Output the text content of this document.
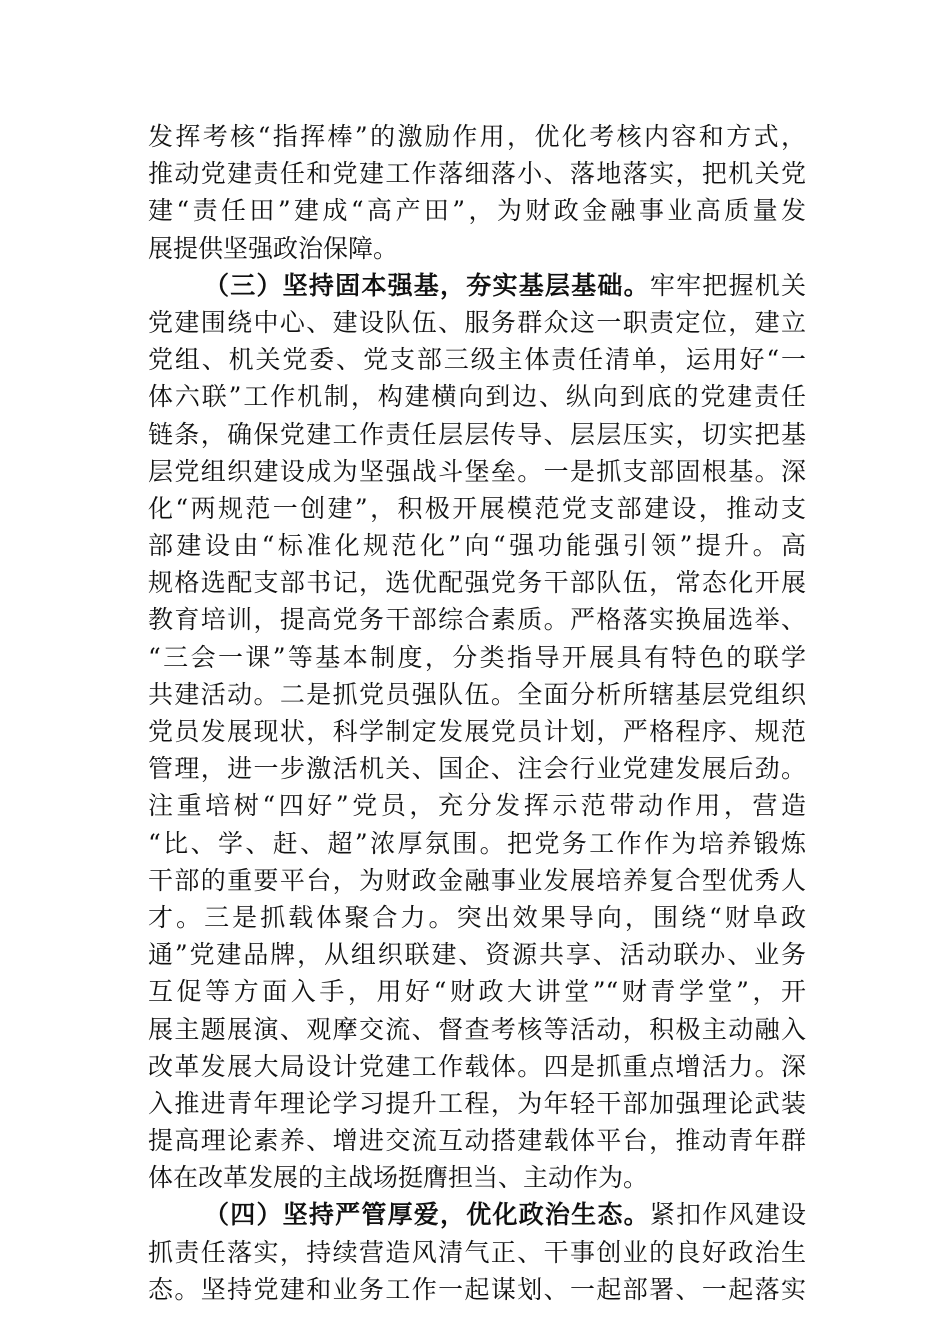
发挥考核“指挥棒”的激励作用，优化考核内容和方式，
推动党建责任和党建工作落细落小、落地落实，把机关党
建“责任田”建成“高产田”，为财政金融事业高质量发
展提供坚强政治保障。
（三）坚持固本强基，夯实基层基础。牢牢把握机关
党建围绕中心、建设队伍、服务群众这一职责定位，建立
党组、机关党委、党支部三级主体责任清单，运用好“一
体六联”工作机制，构建横向到边、纵向到底的党建责任
链条，确保党建工作责任层层传导、层层压实，切实把基
层党组织建设成为坚强战斗堡垒。一是抓支部固根基。深
化“两规范一创建”，积极开展模范党支部建设，推动支
部建设由“标准化规范化”向“强功能强引领”提升。高
规格选配支部书记，选优配强党务干部队伍，常态化开展
教育培训，提高党务干部综合素质。严格落实换届选举、
“三会一课”等基本制度，分类指导开展具有特色的联学
共建活动。二是抓党员强队伍。全面分析所辖基层党组织
党员发展现状，科学制定发展党员计划，严格程序、规范
管理，进一步激活机关、国企、注会行业党建发展后劲。
注重培树“四好”党员，充分发挥示范带动作用，营造
“比、学、赶、超”浓厚氛围。把党务工作作为培养锻炼
干部的重要平台，为财政金融事业发展培养复合型优秀人
才。三是抓载体聚合力。突出效果导向，围绕“财阜政
通”党建品牌，从组织联建、资源共享、活动联办、业务
互促等方面入手，用好“财政大讲堂”“财青学堂”，开
展主题展演、观摩交流、督查考核等活动，积极主动融入
改革发展大局设计党建工作载体。四是抓重点增活力。深
入推进青年理论学习提升工程，为年轻干部加强理论武装
提高理论素养、增进交流互动搭建载体平台，推动青年群
体在改革发展的主战场挺膺担当、主动作为。
（四）坚持严管厚爱，优化政治生态。紧扣作风建设
抓责任落实，持续营造风清气正、干事创业的良好政治生
态。坚持党建和业务工作一起谋划、一起部署、一起落实
